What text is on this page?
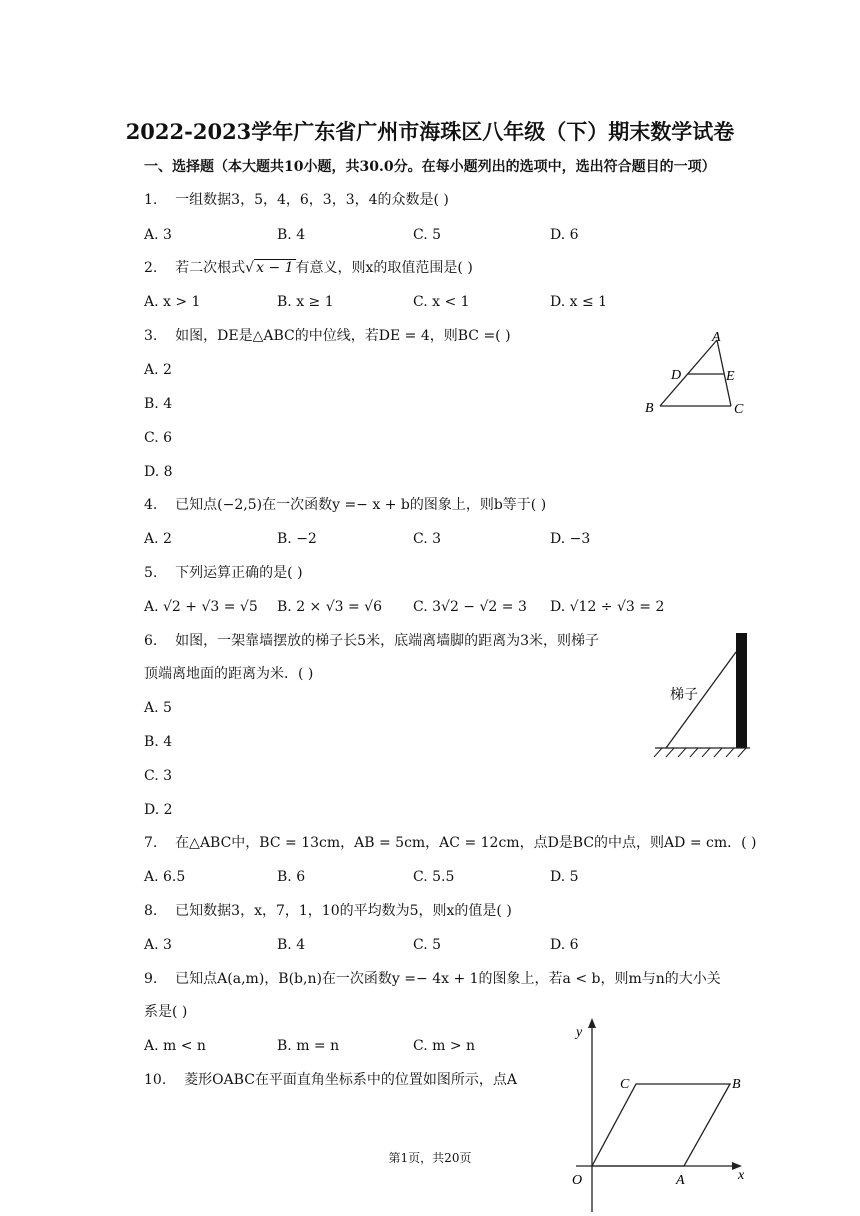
2022-2023学年广东省广州市海珠区八年级（下）期末数学试卷
一、选择题（本大题共10小题，共30.0分。在每小题列出的选项中，选出符合题目的一项）
1. 一组数据3，5，4，6，3，3，4的众数是( )
A. 3	B. 4	C. 5	D. 6
2. 若二次根式√ x − 1 有意义，则x的取值范围是( )
A. x > 1	B. x ≥ 1	C. x < 1	D. x ≤ 1
3. 如图，DE是△ABC的中位线，若DE = 4，则BC =( )
A. 2
B. 4
C. 6
D. 8
A
D	E
B	C
4. 已知点(−2,5)在一次函数y =− x + b的图象上，则b等于( )
A. 2	B. −2	C. 3	D. −3
5. 下列运算正确的是( )
A. √2 + √3 = √5 B. 2 × √3 = √6 C. 3√2 − √2 = 3 D. √12 ÷ √3 = 2
6. 如图，一架靠墙摆放的梯子长5米，底端离墙脚的距离为3米，则梯子
顶端离地面的距离为米．( )
A. 5
B. 4
C. 3
D. 2
梯子
7. 在△ABC中，BC = 13cm，AB = 5cm，AC = 12cm，点D是BC的中点，则AD = cm．( )
A. 6.5	B. 6	C. 5.5	D. 5
8. 已知数据3，x，7，1，10的平均数为5，则x的值是( )
A. 3	B. 4	C. 5	D. 6
9. 已知点A(a,m)，B(b,n)在一次函数y =− 4x + 1的图象上，若a < b，则m与n的大小关
系是( )
A. m < n	B. m = n	C. m > n
10. 菱形OABC在平面直角坐标系中的位置如图所示，点A
y
x
O	A
B
C
第1页，共20页
